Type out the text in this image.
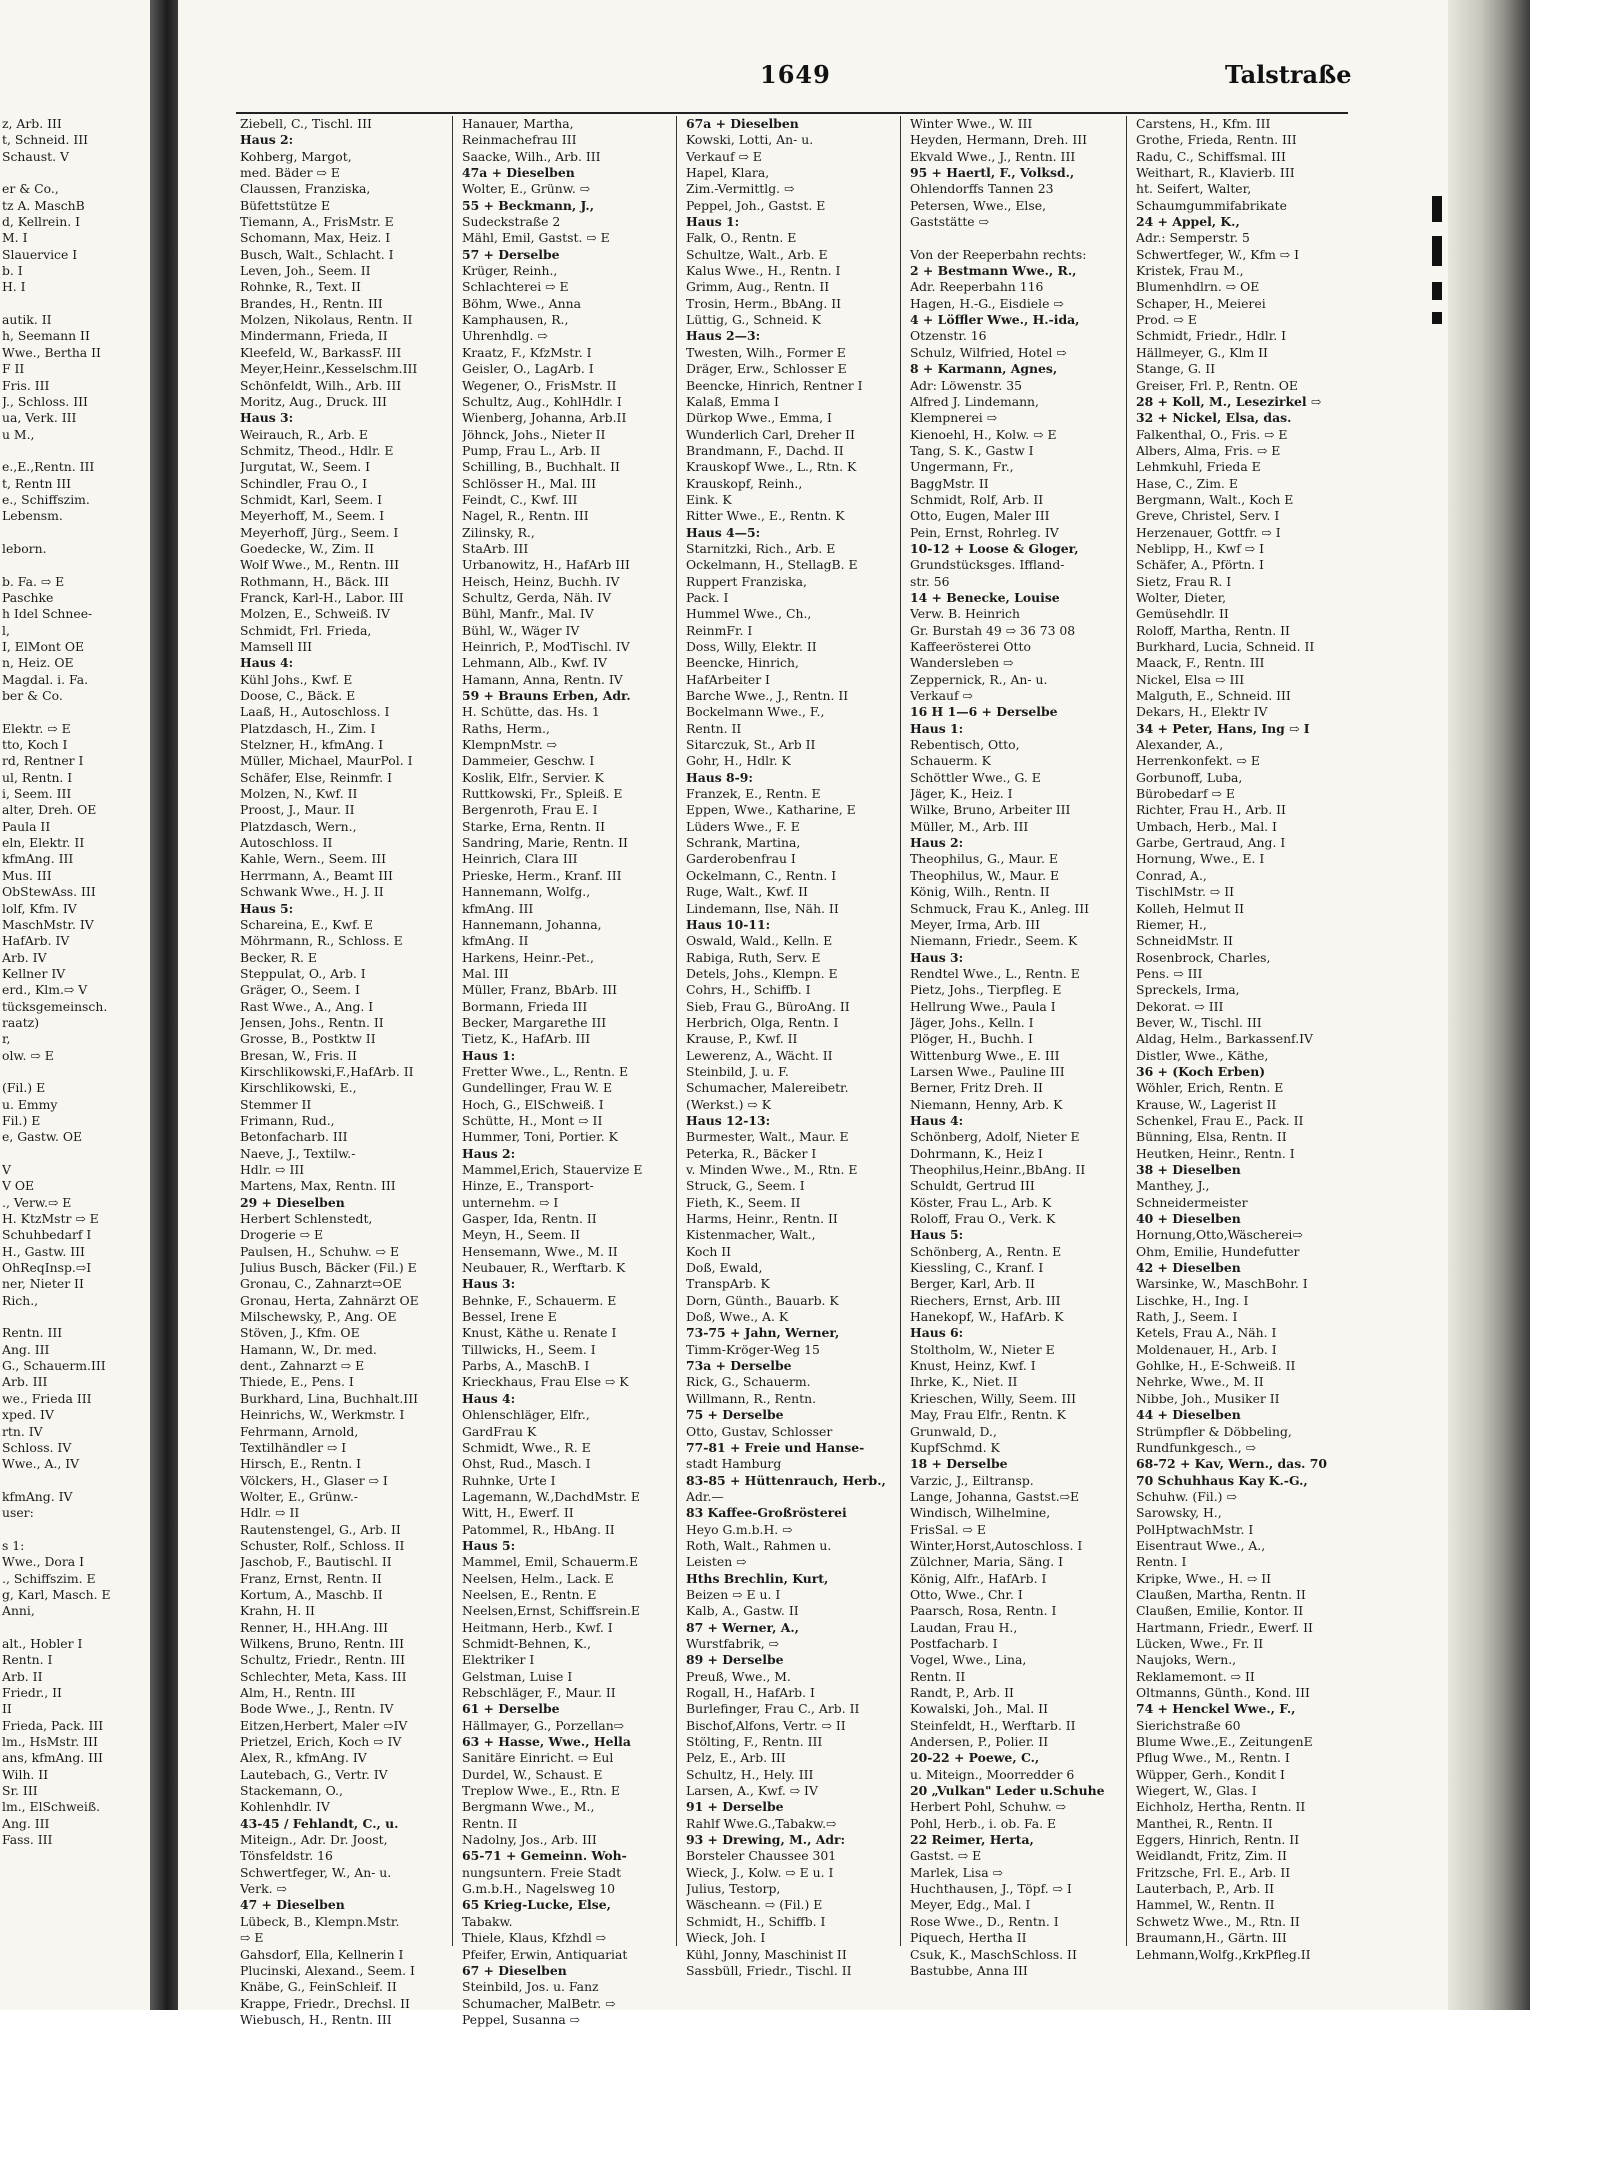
1649	Talstraße
z, Arb. III
t, Schneid. III
Schaust. V
er & Co.,
tz A. MaschB
d, Kellrein. I
M. I
Slauervice I
b. I
H. I
autik. II
h, Seemann II
Wwe., Bertha II
F II
Fris. III
J., Schloss. III
ua, Verk. III
u M.,
e.,E.,Rentn. III
t, Rentn III
e., Schiffszim.
Lebensm.
leborn.
b. Fa. ⇨ E
Paschke
h Idel Schnee-
l,
I, ElMont OE
n, Heiz. OE
Magdal. i. Fa.
ber & Co.
Elektr. ⇨ E
tto, Koch I
rd, Rentner I
ul, Rentn. I
i, Seem. III
alter, Dreh. OE
Paula II
eln, Elektr. II
kfmAng. III
Mus. III
ObStewAss. III
lolf, Kfm. IV
MaschMstr. IV
HafArb. IV
Arb. IV
Kellner IV
erd., Klm.⇨ V
tücksgemeinsch.
raatz)
r,
olw. ⇨ E
(Fil.) E
u. Emmy
Fil.) E
e, Gastw. OE
V
V OE
., Verw.⇨ E
H. KtzMstr ⇨ E
Schuhbedarf I
H., Gastw. III
OhReqInsp.⇨I
ner, Nieter II
Rich.,
Rentn. III
Ang. III
G., Schauerm.III
Arb. III
we., Frieda III
xped. IV
rtn. IV
Schloss. IV
Wwe., A., IV
kfmAng. IV
user:
s 1:
Wwe., Dora I
., Schiffszim. E
g, Karl, Masch. E
Anni,
alt., Hobler I
Rentn. I
Arb. II
Friedr., II
II
Frieda, Pack. III
lm., HsMstr. III
ans, kfmAng. III
Wilh. II
Sr. III
lm., ElSchweiß.
Ang. III
Fass. III
Ziebell, C., Tischl. III
Haus 2:
Kohberg, Margot,
med. Bäder ⇨ E
Claussen, Franziska,
Büfettstütze E
Tiemann, A., FrisMstr. E
Schomann, Max, Heiz. I
Busch, Walt., Schlacht. I
Leven, Joh., Seem. II
Rohnke, R., Text. II
Brandes, H., Rentn. III
Molzen, Nikolaus, Rentn. II
Mindermann, Frieda, II
Kleefeld, W., BarkassF. III
Meyer,Heinr.,Kesselschm.III
Schönfeldt, Wilh., Arb. III
Moritz, Aug., Druck. III
Haus 3:
Weirauch, R., Arb. E
Schmitz, Theod., Hdlr. E
Jurgutat, W., Seem. I
Schindler, Frau O., I
Schmidt, Karl, Seem. I
Meyerhoff, M., Seem. I
Meyerhoff, Jürg., Seem. I
Goedecke, W., Zim. II
Wolf Wwe., M., Rentn. III
Rothmann, H., Bäck. III
Franck, Karl-H., Labor. III
Molzen, E., Schweiß. IV
Schmidt, Frl. Frieda,
Mamsell III
Haus 4:
Kühl Johs., Kwf. E
Doose, C., Bäck. E
Laaß, H., Autoschloss. I
Platzdasch, H., Zim. I
Stelzner, H., kfmAng. I
Müller, Michael, MaurPol. I
Schäfer, Else, Reinmfr. I
Molzen, N., Kwf. II
Proost, J., Maur. II
Platzdasch, Wern.,
Autoschloss. II
Kahle, Wern., Seem. III
Herrmann, A., Beamt III
Schwank Wwe., H. J. II
Haus 5:
Schareina, E., Kwf. E
Möhrmann, R., Schloss. E
Becker, R. E
Steppulat, O., Arb. I
Gräger, O., Seem. I
Rast Wwe., A., Ang. I
Jensen, Johs., Rentn. II
Grosse, B., Postktw II
Bresan, W., Fris. II
Kirschlikowski,F.,HafArb. II
Kirschlikowski, E.,
Stemmer II
Frimann, Rud.,
Betonfacharb. III
Naeve, J., Textilw.-
Hdlr. ⇨ III
Martens, Max, Rentn. III
29 + Dieselben
Herbert Schlenstedt,
Drogerie ⇨ E
Paulsen, H., Schuhw. ⇨ E
Julius Busch, Bäcker (Fil.) E
Gronau, C., Zahnarzt⇨OE
Gronau, Herta, Zahnärzt OE
Milschewsky, P., Ang. OE
Stöven, J., Kfm. OE
Hamann, W., Dr. med.
dent., Zahnarzt ⇨ E
Thiede, E., Pens. I
Burkhard, Lina, Buchhalt.III
Heinrichs, W., Werkmstr. I
Fehrmann, Arnold,
Textilhändler ⇨ I
Hirsch, E., Rentn. I
Völckers, H., Glaser ⇨ I
Wolter, E., Grünw.-
Hdlr. ⇨ II
Rautenstengel, G., Arb. II
Schuster, Rolf., Schloss. II
Jaschob, F., Bautischl. II
Franz, Ernst, Rentn. II
Kortum, A., Maschb. II
Krahn, H. II
Renner, H., HH.Ang. III
Wilkens, Bruno, Rentn. III
Schultz, Friedr., Rentn. III
Schlechter, Meta, Kass. III
Alm, H., Rentn. III
Bode Wwe., J., Rentn. IV
Eitzen,Herbert, Maler ⇨IV
Prietzel, Erich, Koch ⇨ IV
Alex, R., kfmAng. IV
Lautebach, G., Vertr. IV
Stackemann, O.,
Kohlenhdlr. IV
43-45 / Fehlandt, C., u.
Miteign., Adr. Dr. Joost,
Tönsfeldstr. 16
Schwertfeger, W., An- u.
Verk. ⇨
47 + Dieselben
Lübeck, B., Klempn.Mstr.
⇨ E
Gahsdorf, Ella, Kellnerin I
Plucinski, Alexand., Seem. I
Knäbe, G., FeinSchleif. II
Krappe, Friedr., Drechsl. II
Wiebusch, H., Rentn. III
Hanauer, Martha,
Reinmachefrau III
Saacke, Wilh., Arb. III
47a + Dieselben
Wolter, E., Grünw. ⇨
55 + Beckmann, J.,
Sudeckstraße 2
Mähl, Emil, Gastst. ⇨ E
57 + Derselbe
Krüger, Reinh.,
Schlachterei ⇨ E
Böhm, Wwe., Anna
Kamphausen, R.,
Uhrenhdlg. ⇨
Kraatz, F., KfzMstr. I
Geisler, O., LagArb. I
Wegener, O., FrisMstr. II
Schultz, Aug., KohlHdlr. I
Wienberg, Johanna, Arb.II
Jöhnck, Johs., Nieter II
Pump, Frau L., Arb. II
Schilling, B., Buchhalt. II
Schlösser H., Mal. III
Feindt, C., Kwf. III
Nagel, R., Rentn. III
Zilinsky, R.,
StaArb. III
Urbanowitz, H., HafArb III
Heisch, Heinz, Buchh. IV
Schultz, Gerda, Näh. IV
Bühl, Manfr., Mal. IV
Bühl, W., Wäger IV
Heinrich, P., ModTischl. IV
Lehmann, Alb., Kwf. IV
Hamann, Anna, Rentn. IV
59 + Brauns Erben, Adr.
H. Schütte, das. Hs. 1
Raths, Herm.,
KlempnMstr. ⇨
Dammeier, Geschw. I
Koslik, Elfr., Servier. K
Ruttkowski, Fr., Spleiß. E
Bergenroth, Frau E. I
Starke, Erna, Rentn. II
Sandring, Marie, Rentn. II
Heinrich, Clara III
Prieske, Herm., Kranf. III
Hannemann, Wolfg.,
kfmAng. III
Hannemann, Johanna,
kfmAng. II
Harkens, Heinr.-Pet.,
Mal. III
Müller, Franz, BbArb. III
Bormann, Frieda III
Becker, Margarethe III
Tietz, K., HafArb. III
Haus 1:
Fretter Wwe., L., Rentn. E
Gundellinger, Frau W. E
Hoch, G., ElSchweiß. I
Schütte, H., Mont ⇨ II
Hummer, Toni, Portier. K
Haus 2:
Mammel,Erich, Stauervize E
Hinze, E., Transport-
unternehm. ⇨ I
Gasper, Ida, Rentn. II
Meyn, H., Seem. II
Hensemann, Wwe., M. II
Neubauer, R., Werftarb. K
Haus 3:
Behnke, F., Schauerm. E
Bessel, Irene E
Knust, Käthe u. Renate I
Tillwicks, H., Seem. I
Parbs, A., MaschB. I
Krieckhaus, Frau Else ⇨ K
Haus 4:
Ohlenschläger, Elfr.,
GardFrau K
Schmidt, Wwe., R. E
Ohst, Rud., Masch. I
Ruhnke, Urte I
Lagemann, W.,DachdMstr. E
Witt, H., Ewerf. II
Patommel, R., HbAng. II
Haus 5:
Mammel, Emil, Schauerm.E
Neelsen, Helm., Lack. E
Neelsen, E., Rentn. E
Neelsen,Ernst, Schiffsrein.E
Heitmann, Herb., Kwf. I
Schmidt-Behnen, K.,
Elektriker I
Gelstman, Luise I
Rebschläger, F., Maur. II
61 + Derselbe
Hällmayer, G., Porzellan⇨
63 + Hasse, Wwe., Hella
Sanitäre Einricht. ⇨ Eul
Durdel, W., Schaust. E
Treplow Wwe., E., Rtn. E
Bergmann Wwe., M.,
Rentn. II
Nadolny, Jos., Arb. III
65-71 + Gemeinn. Woh-
nungsuntern. Freie Stadt
G.m.b.H., Nagelsweg 10
65 Krieg-Lucke, Else,
Tabakw.
Thiele, Klaus, Kfzhdl ⇨
Pfeifer, Erwin, Antiquariat
67 + Dieselben
Steinbild, Jos. u. Fanz
Schumacher, MalBetr. ⇨
Peppel, Susanna ⇨
67a + Dieselben
Kowski, Lotti, An- u.
Verkauf ⇨ E
Hapel, Klara,
Zim.-Vermittlg. ⇨
Peppel, Joh., Gastst. E
Haus 1:
Falk, O., Rentn. E
Schultze, Walt., Arb. E
Kalus Wwe., H., Rentn. I
Grimm, Aug., Rentn. II
Trosin, Herm., BbAng. II
Lüttig, G., Schneid. K
Haus 2—3:
Twesten, Wilh., Former E
Dräger, Erw., Schlosser E
Beencke, Hinrich, Rentner I
Kalaß, Emma I
Dürkop Wwe., Emma, I
Wunderlich Carl, Dreher II
Brandmann, F., Dachd. II
Krauskopf Wwe., L., Rtn. K
Krauskopf, Reinh.,
Eink. K
Ritter Wwe., E., Rentn. K
Haus 4—5:
Starnitzki, Rich., Arb. E
Ockelmann, H., StellagB. E
Ruppert Franziska,
Pack. I
Hummel Wwe., Ch.,
ReinmFr. I
Doss, Willy, Elektr. II
Beencke, Hinrich,
HafArbeiter I
Barche Wwe., J., Rentn. II
Bockelmann Wwe., F.,
Rentn. II
Sitarczuk, St., Arb II
Gohr, H., Hdlr. K
Haus 8-9:
Franzek, E., Rentn. E
Eppen, Wwe., Katharine, E
Lüders Wwe., F. E
Schrank, Martina,
Garderobenfrau I
Ockelmann, C., Rentn. I
Ruge, Walt., Kwf. II
Lindemann, Ilse, Näh. II
Haus 10-11:
Oswald, Wald., Kelln. E
Rabiga, Ruth, Serv. E
Detels, Johs., Klempn. E
Cohrs, H., Schiffb. I
Sieb, Frau G., BüroAng. II
Herbrich, Olga, Rentn. I
Krause, P., Kwf. II
Lewerenz, A., Wächt. II
Steinbild, J. u. F.
Schumacher, Malereibetr.
(Werkst.) ⇨ K
Haus 12-13:
Burmester, Walt., Maur. E
Peterka, R., Bäcker I
v. Minden Wwe., M., Rtn. E
Struck, G., Seem. I
Fieth, K., Seem. II
Harms, Heinr., Rentn. II
Kistenmacher, Walt.,
Koch II
Doß, Ewald,
TranspArb. K
Dorn, Günth., Bauarb. K
Doß, Wwe., A. K
73-75 + Jahn, Werner,
Timm-Kröger-Weg 15
73a + Derselbe
Rick, G., Schauerm.
Willmann, R., Rentn.
75 + Derselbe
Otto, Gustav, Schlosser
77-81 + Freie und Hanse-
stadt Hamburg
83-85 + Hüttenrauch, Herb.,
Adr.—
83 Kaffee-Großrösterei
Heyo G.m.b.H. ⇨
Roth, Walt., Rahmen u.
Leisten ⇨
Hths Brechlin, Kurt,
Beizen ⇨ E u. I
Kalb, A., Gastw. II
87 + Werner, A.,
Wurstfabrik, ⇨
89 + Derselbe
Preuß, Wwe., M.
Rogall, H., HafArb. I
Burlefinger, Frau C., Arb. II
Bischof,Alfons, Vertr. ⇨ II
Stölting, F., Rentn. III
Pelz, E., Arb. III
Schultz, H., Hely. III
Larsen, A., Kwf. ⇨ IV
91 + Derselbe
Rahlf Wwe.G.,Tabakw.⇨
93 + Drewing, M., Adr:
Borsteler Chaussee 301
Wieck, J., Kolw. ⇨ E u. I
Julius, Testorp,
Wäscheann. ⇨ (Fil.) E
Schmidt, H., Schiffb. I
Wieck, Joh. I
Kühl, Jonny, Maschinist II
Sassbüll, Friedr., Tischl. II
Winter Wwe., W. III
Heyden, Hermann, Dreh. III
Ekvald Wwe., J., Rentn. III
95 + Haertl, F., Volksd.,
Ohlendorffs Tannen 23
Petersen, Wwe., Else,
Gaststätte ⇨
Von der Reeperbahn rechts:
2 + Bestmann Wwe., R.,
Adr. Reeperbahn 116
Hagen, H.-G., Eisdiele ⇨
4 + Löffler Wwe., H.-ida,
Otzenstr. 16
Schulz, Wilfried, Hotel ⇨
8 + Karmann, Agnes,
Adr: Löwenstr. 35
Alfred J. Lindemann,
Klempnerei ⇨
Kienoehl, H., Kolw. ⇨ E
Tang, S. K., Gastw I
Ungermann, Fr.,
BaggMstr. II
Schmidt, Rolf, Arb. II
Otto, Eugen, Maler III
Pein, Ernst, Rohrleg. IV
10-12 + Loose & Gloger,
Grundstücksges. Iffland-
str. 56
14 + Benecke, Louise
Verw. B. Heinrich
Gr. Burstah 49 ⇨ 36 73 08
Kaffeerösterei Otto
Wandersleben ⇨
Zeppernick, R., An- u.
Verkauf ⇨
16 H 1—6 + Derselbe
Haus 1:
Rebentisch, Otto,
Schauerm. K
Schöttler Wwe., G. E
Jäger, K., Heiz. I
Wilke, Bruno, Arbeiter III
Müller, M., Arb. III
Haus 2:
Theophilus, G., Maur. E
Theophilus, W., Maur. E
König, Wilh., Rentn. II
Schmuck, Frau K., Anleg. III
Meyer, Irma, Arb. III
Niemann, Friedr., Seem. K
Haus 3:
Rendtel Wwe., L., Rentn. E
Pietz, Johs., Tierpfleg. E
Hellrung Wwe., Paula I
Jäger, Johs., Kelln. I
Plöger, H., Buchh. I
Wittenburg Wwe., E. III
Larsen Wwe., Pauline III
Berner, Fritz Dreh. II
Niemann, Henny, Arb. K
Haus 4:
Schönberg, Adolf, Nieter E
Dohrmann, K., Heiz I
Theophilus,Heinr.,BbAng. II
Schuldt, Gertrud III
Köster, Frau L., Arb. K
Roloff, Frau O., Verk. K
Haus 5:
Schönberg, A., Rentn. E
Kiessling, C., Kranf. I
Berger, Karl, Arb. II
Riechers, Ernst, Arb. III
Hanekopf, W., HafArb. K
Haus 6:
Stoltholm, W., Nieter E
Knust, Heinz, Kwf. I
Ihrke, K., Niet. II
Krieschen, Willy, Seem. III
May, Frau Elfr., Rentn. K
Grunwald, D.,
KupfSchmd. K
18 + Derselbe
Varzic, J., Eiltransp.
Lange, Johanna, Gastst.⇨E
Windisch, Wilhelmine,
FrisSal. ⇨ E
Winter,Horst,Autoschloss. I
Zülchner, Maria, Säng. I
König, Alfr., HafArb. I
Otto, Wwe., Chr. I
Paarsch, Rosa, Rentn. I
Laudan, Frau H.,
Postfacharb. I
Vogel, Wwe., Lina,
Rentn. II
Randt, P., Arb. II
Kowalski, Joh., Mal. II
Steinfeldt, H., Werftarb. II
Andersen, P., Polier. II
20-22 + Poewe, C.,
u. Miteign., Moorredder 6
20 „Vulkan" Leder u.Schuhe
Herbert Pohl, Schuhw. ⇨
Pohl, Herb., i. ob. Fa. E
22 Reimer, Herta,
Gastst. ⇨ E
Marlek, Lisa ⇨
Huchthausen, J., Töpf. ⇨ I
Meyer, Edg., Mal. I
Rose Wwe., D., Rentn. I
Piquech, Hertha II
Csuk, K., MaschSchloss. II
Bastubbe, Anna III
Carstens, H., Kfm. III
Grothe, Frieda, Rentn. III
Radu, C., Schiffsmal. III
Weithart, R., Klavierb. III
ht. Seifert, Walter,
Schaumgummifabrikate
24 + Appel, K.,
Adr.: Semperstr. 5
Schwertfeger, W., Kfm ⇨ I
Kristek, Frau M.,
Blumenhdlrn. ⇨ OE
Schaper, H., Meierei
Prod. ⇨ E
Schmidt, Friedr., Hdlr. I
Hällmeyer, G., Klm II
Stange, G. II
Greiser, Frl. P., Rentn. OE
28 + Koll, M., Lesezirkel ⇨
32 + Nickel, Elsa, das.
Falkenthal, O., Fris. ⇨ E
Albers, Alma, Fris. ⇨ E
Lehmkuhl, Frieda E
Hase, C., Zim. E
Bergmann, Walt., Koch E
Greve, Christel, Serv. I
Herzenauer, Gottfr. ⇨ I
Neblipp, H., Kwf ⇨ I
Schäfer, A., Pförtn. I
Sietz, Frau R. I
Wolter, Dieter,
Gemüsehdlr. II
Roloff, Martha, Rentn. II
Burkhard, Lucia, Schneid. II
Maack, F., Rentn. III
Nickel, Elsa ⇨ III
Malguth, E., Schneid. III
Dekars, H., Elektr IV
34 + Peter, Hans, Ing ⇨ I
Alexander, A.,
Herrenkonfekt. ⇨ E
Gorbunoff, Luba,
Bürobedarf ⇨ E
Richter, Frau H., Arb. II
Umbach, Herb., Mal. I
Garbe, Gertraud, Ang. I
Hornung, Wwe., E. I
Conrad, A.,
TischlMstr. ⇨ II
Kolleh, Helmut II
Riemer, H.,
SchneidMstr. II
Rosenbrock, Charles,
Pens. ⇨ III
Spreckels, Irma,
Dekorat. ⇨ III
Bever, W., Tischl. III
Aldag, Helm., Barkassenf.IV
Distler, Wwe., Käthe,
36 + (Koch Erben)
Wöhler, Erich, Rentn. E
Krause, W., Lagerist II
Schenkel, Frau E., Pack. II
Bünning, Elsa, Rentn. II
Heutken, Heinr., Rentn. I
38 + Dieselben
Manthey, J.,
Schneidermeister
40 + Dieselben
Hornung,Otto,Wäscherei⇨
Ohm, Emilie, Hundefutter
42 + Dieselben
Warsinke, W., MaschBohr. I
Lischke, H., Ing. I
Rath, J., Seem. I
Ketels, Frau A., Näh. I
Moldenauer, H., Arb. I
Gohlke, H., E-Schweiß. II
Nehrke, Wwe., M. II
Nibbe, Joh., Musiker II
44 + Dieselben
Strümpfler & Döbbeling,
Rundfunkgesch., ⇨
68-72 + Kav, Wern., das. 70
70 Schuhhaus Kay K.-G.,
Schuhw. (Fil.) ⇨
Sarowsky, H.,
PolHptwachMstr. I
Eisentraut Wwe., A.,
Rentn. I
Kripke, Wwe., H. ⇨ II
Claußen, Martha, Rentn. II
Claußen, Emilie, Kontor. II
Hartmann, Friedr., Ewerf. II
Lücken, Wwe., Fr. II
Naujoks, Wern.,
Reklamemont. ⇨ II
Oltmanns, Günth., Kond. III
74 + Henckel Wwe., F.,
Sierichstraße 60
Blume Wwe.,E., ZeitungenE
Pflug Wwe., M., Rentn. I
Wüpper, Gerh., Kondit I
Wiegert, W., Glas. I
Eichholz, Hertha, Rentn. II
Manthei, R., Rentn. II
Eggers, Hinrich, Rentn. II
Weidlandt, Fritz, Zim. II
Fritzsche, Frl. E., Arb. II
Lauterbach, P., Arb. II
Hammel, W., Rentn. II
Schwetz Wwe., M., Rtn. II
Braumann,H., Gärtn. III
Lehmann,Wolfg.,KrkPfleg.II
